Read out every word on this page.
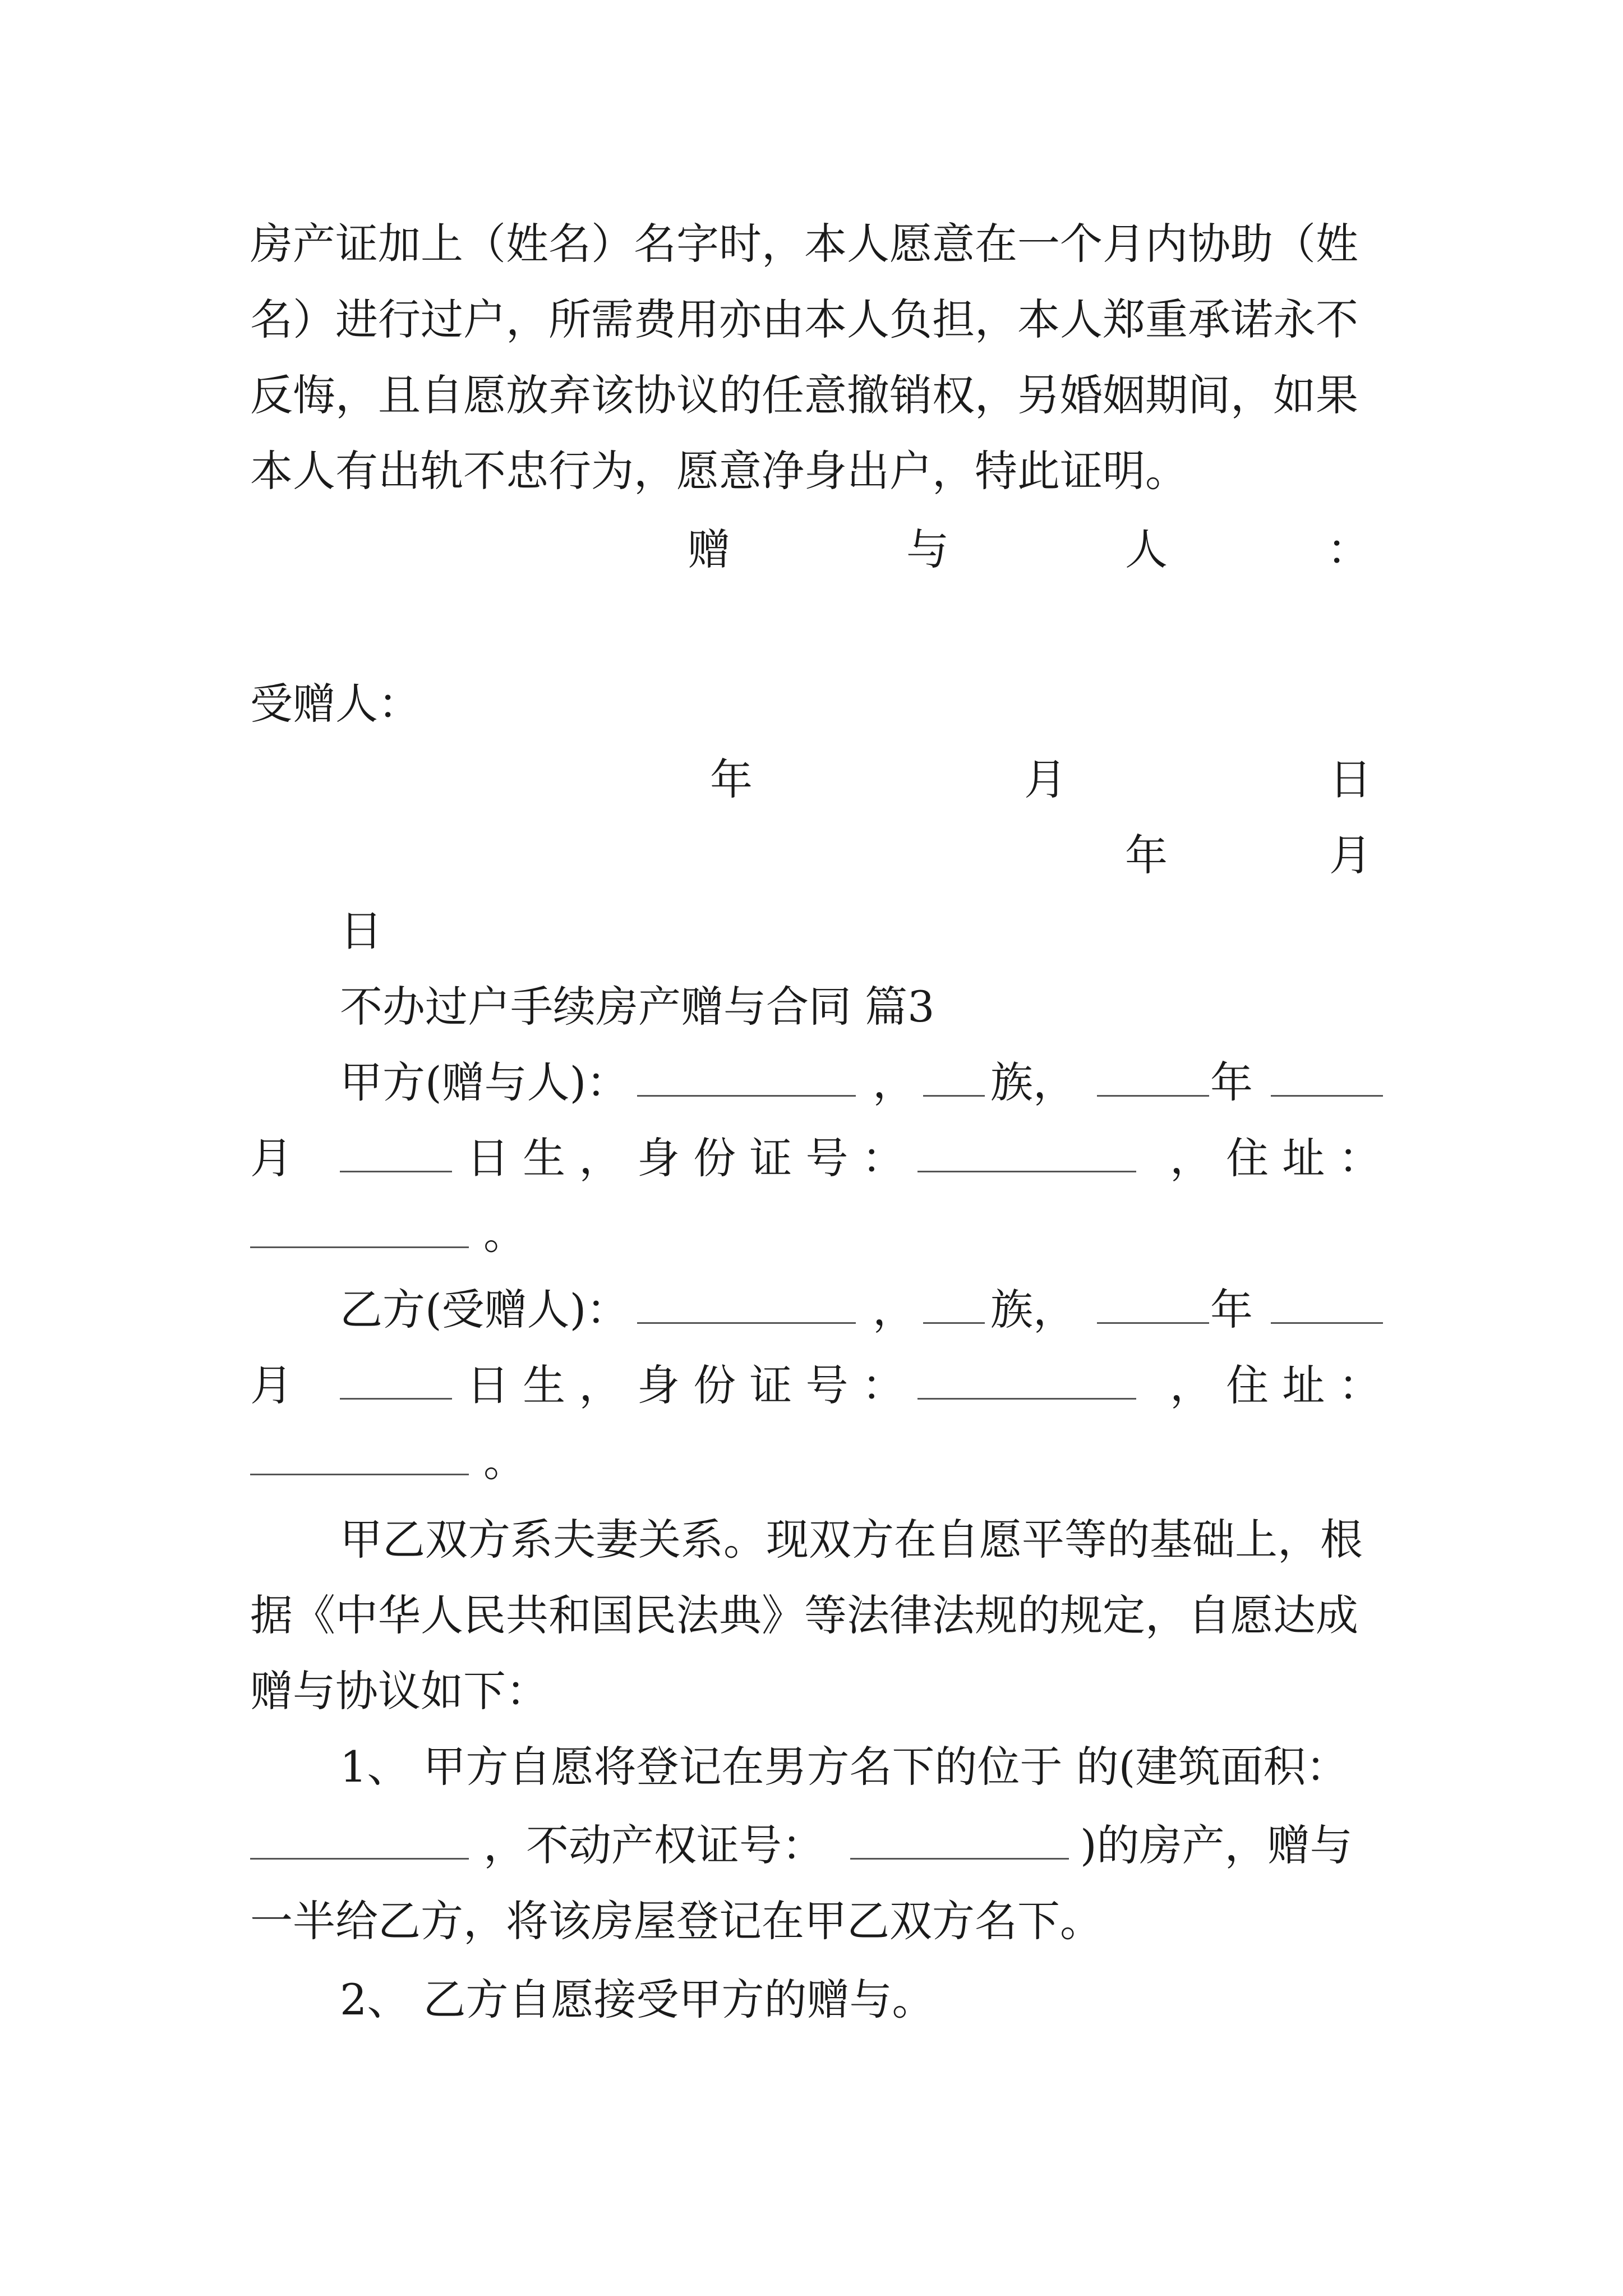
房产证加上（姓名）名字时，本人愿意在一个月内协助（姓
名）进行过户，所需费用亦由本人负担，本人郑重承诺永不
反悔，且自愿放弃该协议的任意撤销权，另婚姻期间，如果
本人有出轨不忠行为，愿意净身出户，特此证明。
赠	与	人	：
受赠人：
年	月	日
年	月
日
不办过户手续房产赠与合同 篇3
甲方(赠与人)：	， 族，	年
月	日 生 ， 身 份 证 号 ：	， 住 址 ：
。
乙方(受赠人)：	， 族，	年
月	日 生 ， 身 份 证 号 ：	， 住 址 ：
。
甲乙双方系夫妻关系。现双方在自愿平等的基础上，根
据《中华人民共和国民法典》等法律法规的规定，自愿达成
赠与协议如下：
1、 甲方自愿将登记在男方名下的位于 的(建筑面积：
，不动产权证号：	)的房产，赠与
一半给乙方，将该房屋登记在甲乙双方名下。
2、 乙方自愿接受甲方的赠与。
